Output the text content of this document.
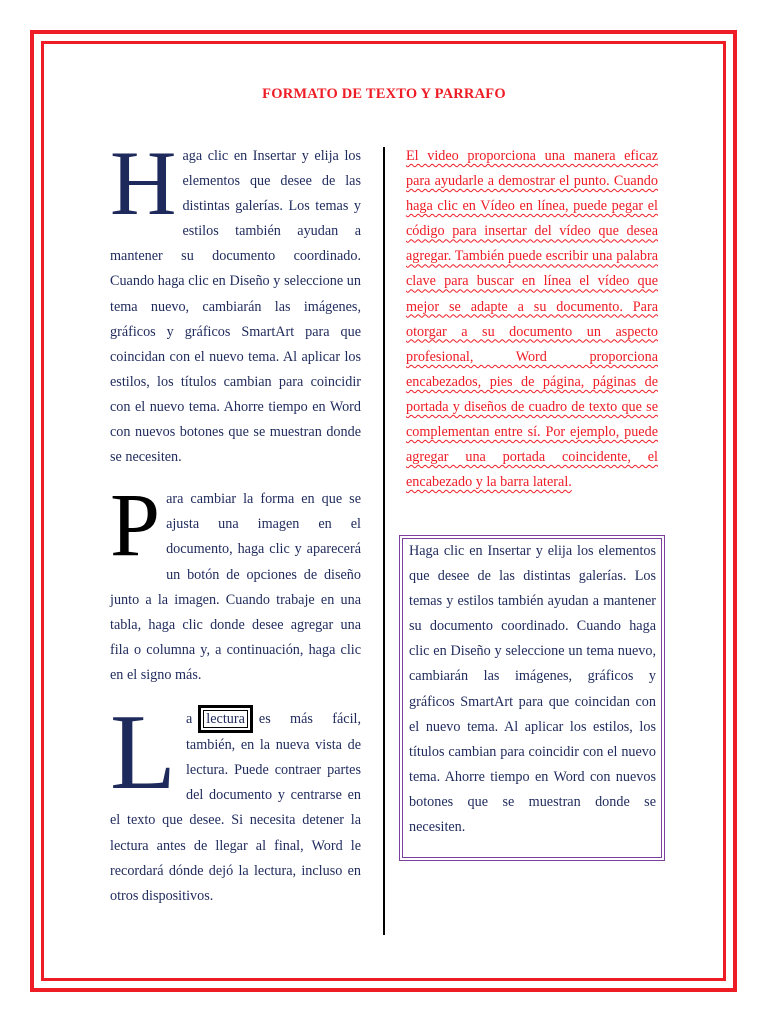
FORMATO DE TEXTO Y PARRAFO

Haga clic en Insertar y elija los elementos que desee de las distintas galerías. Los temas y estilos también ayudan a mantener su documento coordinado. Cuando haga clic en Diseño y seleccione un tema nuevo, cambiarán las imágenes, gráficos y gráficos SmartArt para que coincidan con el nuevo tema. Al aplicar los estilos, los títulos cambian para coincidir con el nuevo tema. Ahorre tiempo en Word con nuevos botones que se muestran donde se necesiten.

Para cambiar la forma en que se ajusta una imagen en el documento, haga clic y aparecerá un botón de opciones de diseño junto a la imagen. Cuando trabaje en una tabla, haga clic donde desee agregar una fila o columna y, a continuación, haga clic en el signo más.

La lectura es más fácil, también, en la nueva vista de lectura. Puede contraer partes del documento y centrarse en el texto que desee. Si necesita detener la lectura antes de llegar al final, Word le recordará dónde dejó la lectura, incluso en otros dispositivos.

El video proporciona una manera eficaz para ayudarle a demostrar el punto. Cuando haga clic en Vídeo en línea, puede pegar el código para insertar del vídeo que desea agregar. También puede escribir una palabra clave para buscar en línea el vídeo que mejor se adapte a su documento. Para otorgar a su documento un aspecto profesional, Word proporciona encabezados, pies de página, páginas de portada y diseños de cuadro de texto que se complementan entre sí. Por ejemplo, puede agregar una portada coincidente, el encabezado y la barra lateral.
Haga clic en Insertar y elija los elementos que desee de las distintas galerías. Los temas y estilos también ayudan a mantener su documento coordinado. Cuando haga clic en Diseño y seleccione un tema nuevo, cambiarán las imágenes, gráficos y gráficos SmartArt para que coincidan con el nuevo tema. Al aplicar los estilos, los títulos cambian para coincidir con el nuevo tema. Ahorre tiempo en Word con nuevos botones que se muestran donde se necesiten.
